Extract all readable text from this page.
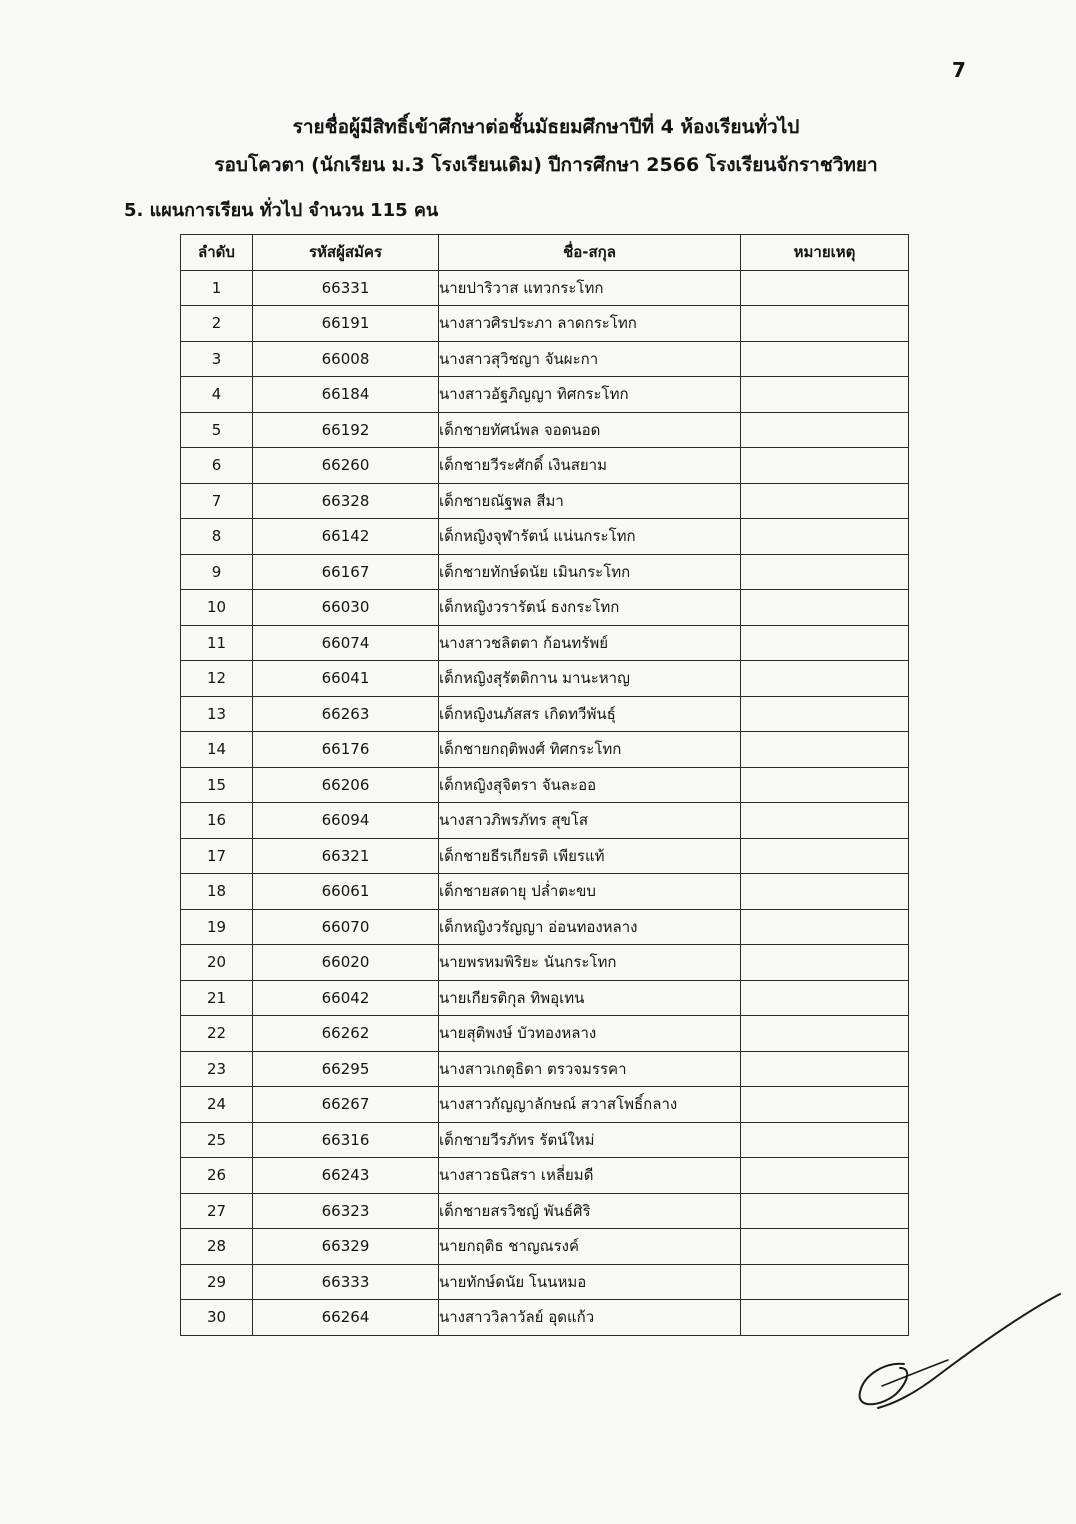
7
รายชื่อผู้มีสิทธิ์เข้าศึกษาต่อชั้นมัธยมศึกษาปีที่ 4 ห้องเรียนทั่วไป
รอบโควตา (นักเรียน ม.3 โรงเรียนเดิม) ปีการศึกษา 2566 โรงเรียนจักราชวิทยา
5. แผนการเรียน ทั่วไป จำนวน 115 คน
ลำดับ	รหัสผู้สมัคร	ชื่อ-สกุล	หมายเหตุ
1	66331	นายปาริวาส แทวกระโทก	
2	66191	นางสาวศิรประภา ลาดกระโทก	
3	66008	นางสาวสุวิชญา จันผะกา	
4	66184	นางสาวอัฐภิญญา ทิศกระโทก	
5	66192	เด็กชายทัศน์พล จอดนอด	
6	66260	เด็กชายวีระศักดิ์ เงินสยาม	
7	66328	เด็กชายณัฐพล สีมา	
8	66142	เด็กหญิงจุฬารัตน์ แน่นกระโทก	
9	66167	เด็กชายทักษ์ดนัย เมินกระโทก	
10	66030	เด็กหญิงวรารัตน์ ธงกระโทก	
11	66074	นางสาวชลิตตา ก้อนทรัพย์	
12	66041	เด็กหญิงสุรัตติกาน มานะหาญ	
13	66263	เด็กหญิงนภัสสร เกิดทวีพันธุ์	
14	66176	เด็กชายกฤติพงศ์ ทิศกระโทก	
15	66206	เด็กหญิงสุจิตรา จันละออ	
16	66094	นางสาวภิพรภัทร สุขโส	
17	66321	เด็กชายธีรเกียรติ เพียรแท้	
18	66061	เด็กชายสดายุ ปล่ำตะขบ	
19	66070	เด็กหญิงวรัญญา อ่อนทองหลาง	
20	66020	นายพรหมพิริยะ นันกระโทก	
21	66042	นายเกียรติกุล ทิพอุเทน	
22	66262	นายสุติพงษ์ บัวทองหลาง	
23	66295	นางสาวเกตุธิดา ตรวจมรรคา	
24	66267	นางสาวกัญญาลักษณ์ สวาสโพธิ์กลาง	
25	66316	เด็กชายวีรภัทร รัตน์ใหม่	
26	66243	นางสาวธนิสรา เหลี่ยมดี	
27	66323	เด็กชายสรวิชญ์ พันธ์ศิริ	
28	66329	นายกฤติธ ชาญณรงค์	
29	66333	นายทักษ์ดนัย โนนหมอ	
30	66264	นางสาววิลาวัลย์ อุดแก้ว	
